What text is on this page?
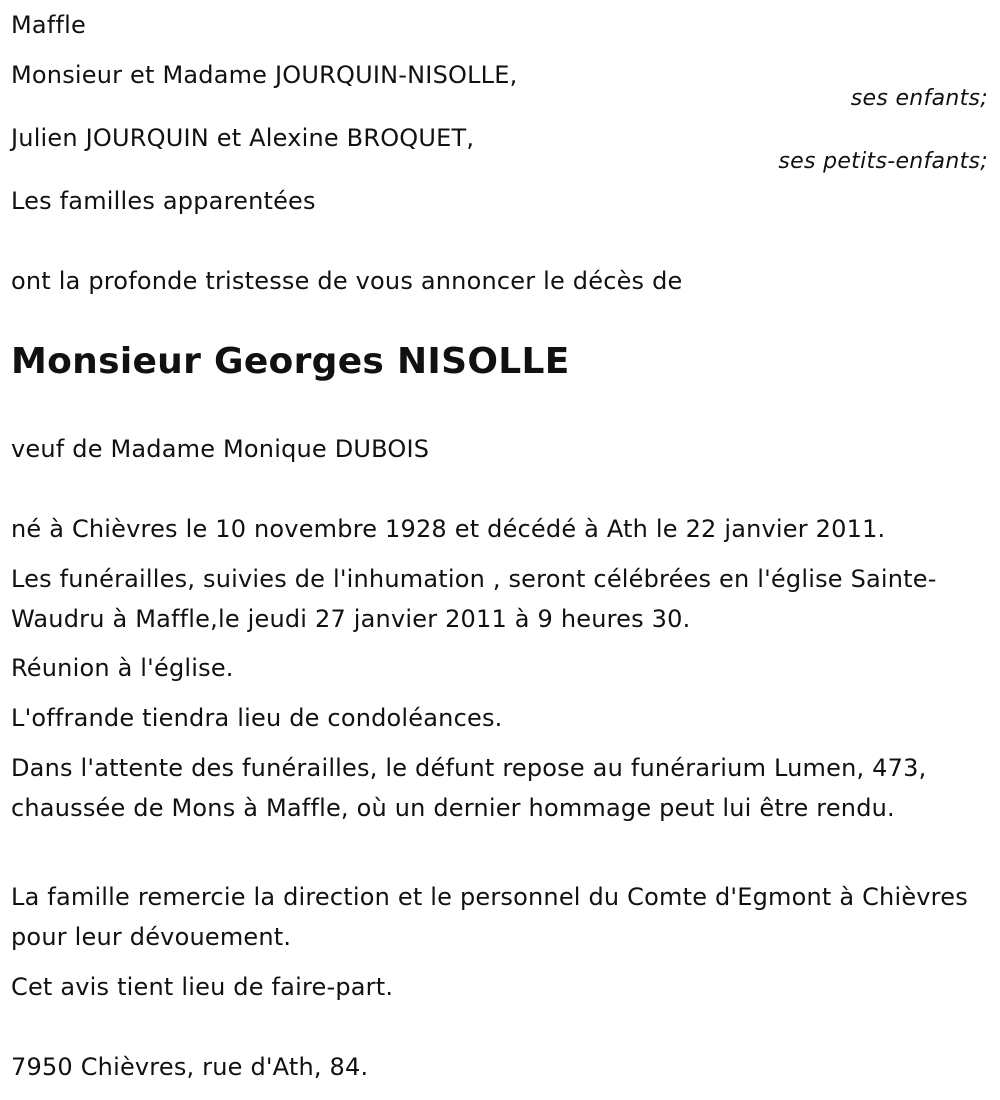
Maffle
Monsieur et Madame JOURQUIN-NISOLLE,
ses enfants;
Julien JOURQUIN et Alexine BROQUET,
ses petits-enfants;
Les familles apparentées
ont la profonde tristesse de vous annoncer le décès de
Monsieur Georges NISOLLE
veuf de Madame Monique DUBOIS
né à Chièvres le 10 novembre 1928 et décédé à Ath le 22 janvier 2011.
Les funérailles, suivies de l'inhumation , seront célébrées en l'église Sainte-Waudru à Maffle,le jeudi 27 janvier 2011 à 9 heures 30.
Réunion à l'église.
L'offrande tiendra lieu de condoléances.
Dans l'attente des funérailles, le défunt repose au funérarium Lumen, 473, chaussée de Mons à Maffle, où un dernier hommage peut lui être rendu.
La famille remercie la direction et le personnel du Comte d'Egmont à Chièvres pour leur dévouement.
Cet avis tient lieu de faire-part.
7950 Chièvres, rue d'Ath, 84.
